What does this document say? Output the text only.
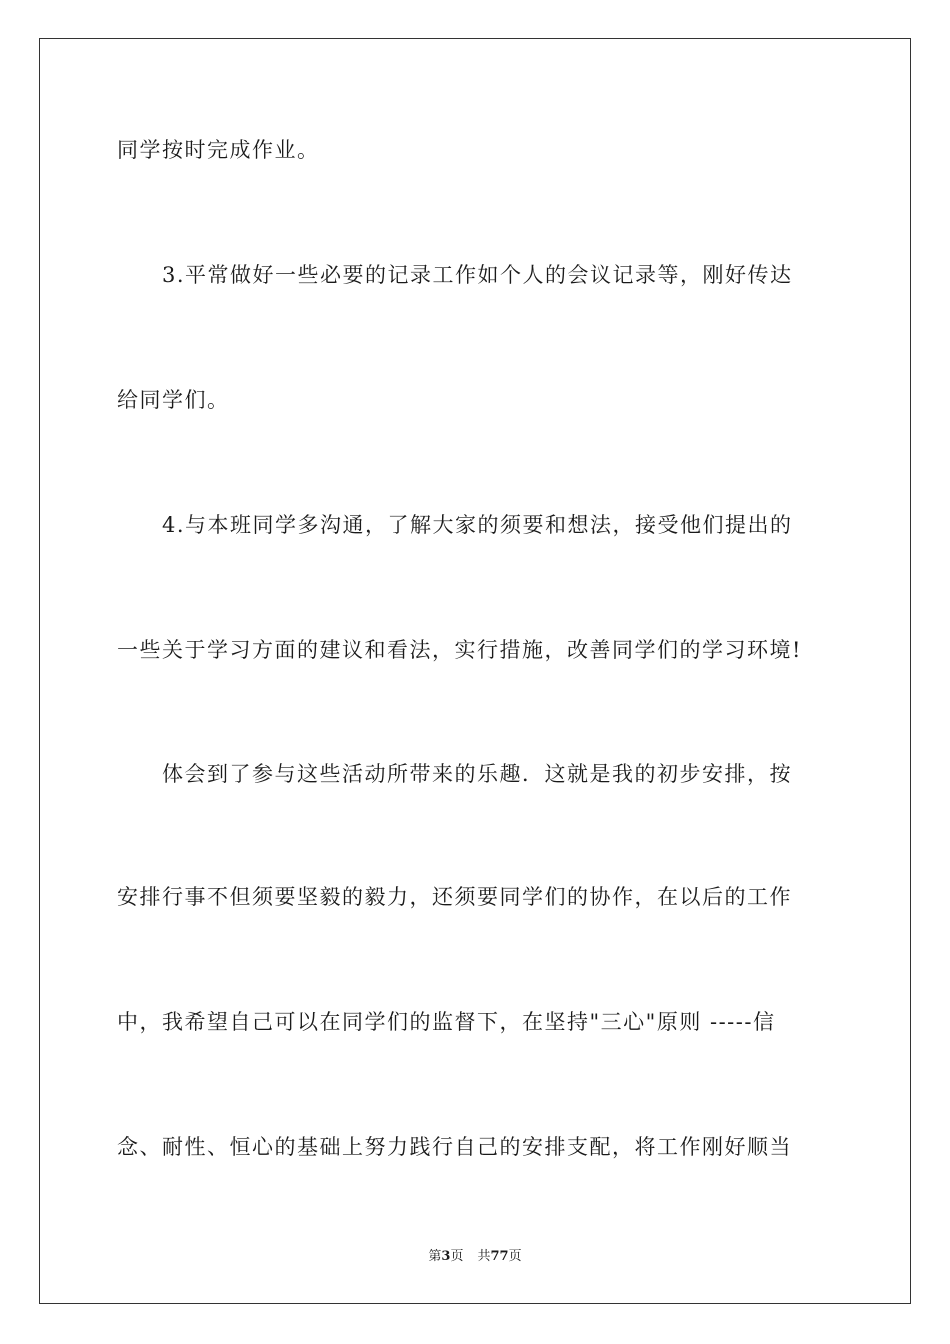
同学按时完成作业。
3.平常做好一些必要的记录工作如个人的会议记录等，刚好传达
给同学们。
4.与本班同学多沟通，了解大家的须要和想法，接受他们提出的
一些关于学习方面的建议和看法，实行措施，改善同学们的学习环境!
体会到了参与这些活动所带来的乐趣．这就是我的初步安排，按
安排行事不但须要坚毅的毅力，还须要同学们的协作，在以后的工作
中，我希望自己可以在同学们的监督下，在坚持"三心"原则 -----信
念、耐性、恒心的基础上努力践行自己的安排支配，将工作刚好顺当
第3页 共77页
